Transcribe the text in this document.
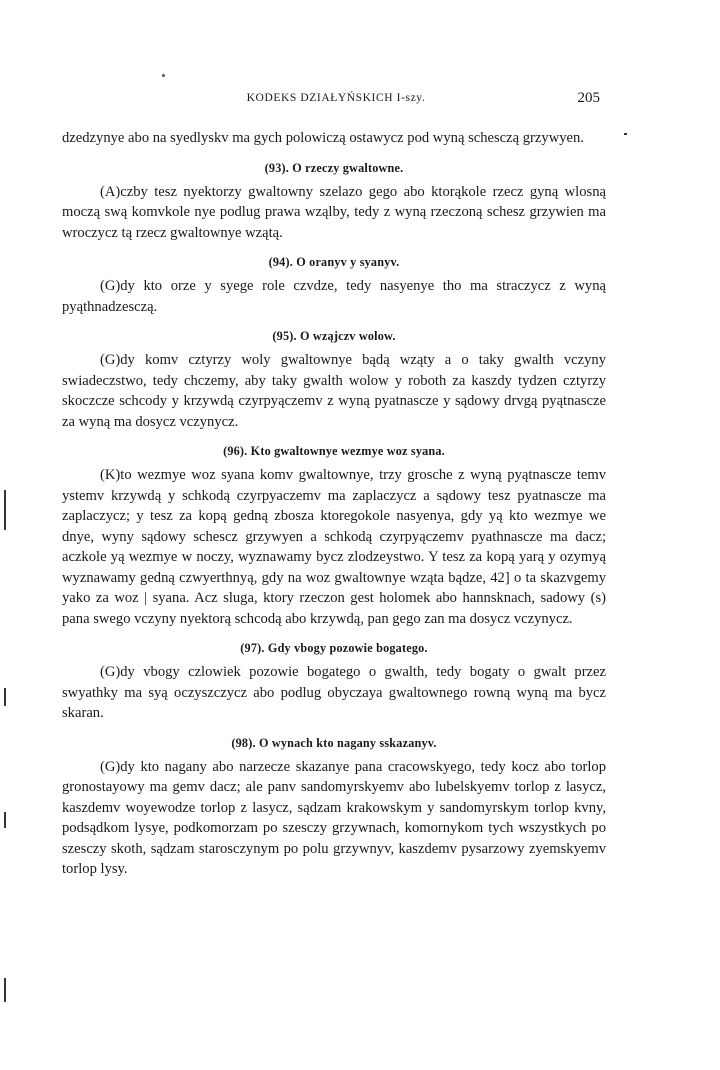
KODEKS DZIAŁYŃSKICH I-szy.	205

dzedzynye abo na syedlyskv ma gych polowiczą ostawycz pod wyną schesczą grzywyen.

(93). O rzeczy gwaltowne.

(A)czby tesz nyektorzy gwaltowny szelazo gego abo ktorąkole rzecz gyną wlosną moczą swą komvkole nye podlug prawa wząlby, tedy z wyną rzeczoną schesz grzywien ma wroczycz tą rzecz gwaltownye wzątą.

(94). O oranyv y syanyv.

(G)dy kto orze y syege role czvdze, tedy nasyenye tho ma straczycz z wyną pyąthnadzesczą.

(95). O wząjczv wolow.

(G)dy komv cztyrzy woly gwaltownye bądą wząty a o taky gwalth vczyny swiadeczstwo, tedy chczemy, aby taky gwalth wolow y roboth za kaszdy tydzen cztyrzy skoczcze schcody y krzywdą czyrpyączemv z wyną pyatnascze y sądowy drvgą pyątnascze za wyną ma dosycz vczynycz.

(96). Kto gwaltownye wezmye woz syana.

(K)to wezmye woz syana komv gwaltownye, trzy grosche z wyną pyątnascze temv ystemv krzywdą y schkodą czyrpyaczemv ma zaplaczycz a sądowy tesz pyatnascze ma zaplaczycz; y tesz za kopą gedną zbosza ktoregokole nasyenya, gdy yą kto wezmye we dnye, wyny sądowy schescz grzywyen a schkodą czyrpyączemv pyathnascze ma dacz; aczkole yą wezmye w noczy, wyznawamy bycz zlodzeystwo. Y tesz za kopą yarą y ozymyą wyznawamy gedną czwyerthnyą, gdy na woz gwaltownye wząta bądze, 42] o ta skazvgemy yako za woz | syana. Acz sluga, ktory rzeczon gest holomek abo hannsknach, sadowy (s) pana swego vczyny nyektorą schcodą abo krzywdą, pan gego zan ma dosycz vczynycz.

(97). Gdy vbogy pozowie bogatego.

(G)dy vbogy czlowiek pozowie bogatego o gwalth, tedy bogaty o gwalt przez swyathky ma syą oczyszczycz abo podlug obyczaya gwaltownego rowną wyną ma bycz skaran.

(98). O wynach kto nagany sskazanyv.

(G)dy kto nagany abo narzecze skazanye pana cracowskyego, tedy kocz abo torlop gronostayowy ma gemv dacz; ale panv sandomyrskyemv abo lubelskyemv torlop z lasycz, kaszdemv woyewodze torlop z lasycz, sądzam krakowskym y sandomyrskym torlop kvny, podsądkom lysye, podkomorzam po szesczy grzywnach, komornykom tych wszystkych po szesczy skoth, sądzam starosczynym po polu grzywnyv, kaszdemv pysarzowy zyemskyemv torlop lysy.
